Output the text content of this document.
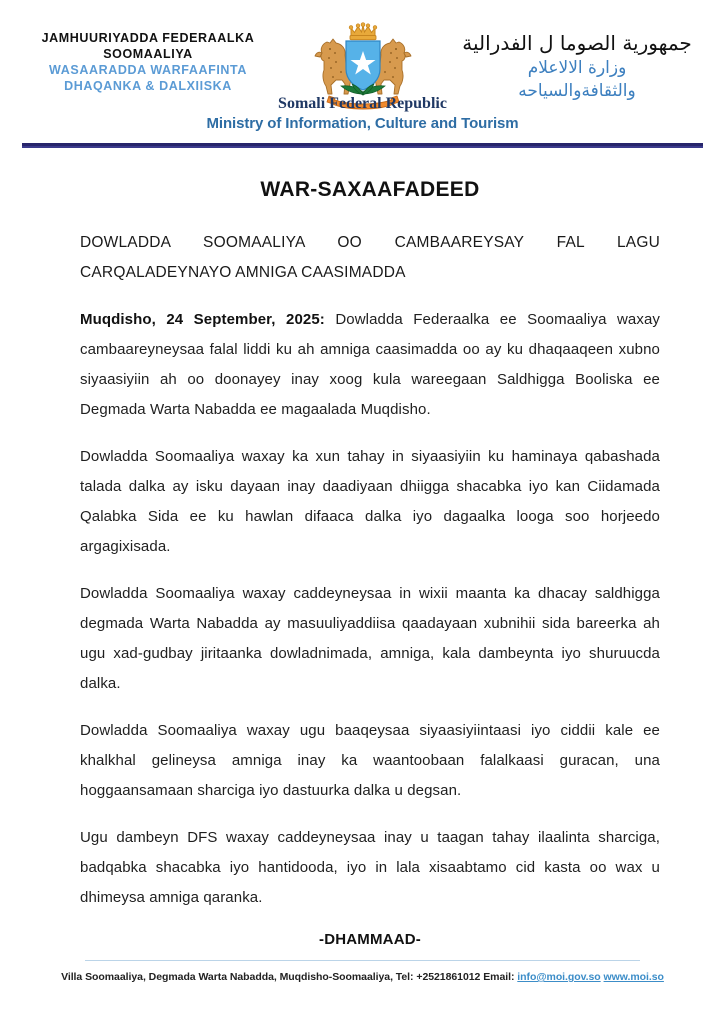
JAMHUURIYADDA FEDERAALKA

SOOMAALIYA

WASAARADDA WARFAAFINTA

DHAQANKA & DALXIISKA

جمهورية الصوما ل الفدرالية

وزارة الالاعلام

والثقافةوالسياحه

Somali Federal Republic

Ministry of Information, Culture and Tourism

WAR-SAXAAFADEED
DOWLADDA SOOMAALIYA OO CAMBAAREYSAY FAL LAGU
CARQALADEYNAYO AMNIGA CAASIMADDA

Muqdisho, 24 September, 2025: Dowladda Federaalka ee Soomaaliya waxay cambaareyneysaa falal liddi ku ah amniga caasimadda oo ay ku dhaqaaqeen xubno siyaasiyiin ah oo doonayey inay xoog kula wareegaan Saldhigga Booliska ee Degmada Warta Nabadda ee magaalada Muqdisho.

Dowladda Soomaaliya waxay ka xun tahay in siyaasiyiin ku haminaya qabashada talada dalka ay isku dayaan inay daadiyaan dhiigga shacabka iyo kan Ciidamada Qalabka Sida ee ku hawlan difaaca dalka iyo dagaalka looga soo horjeedo argagixisada.

Dowladda Soomaaliya waxay caddeyneysaa in wixii maanta ka dhacay saldhigga degmada Warta Nabadda ay masuuliyaddiisa qaadayaan xubnihii sida bareerka ah ugu xad-gudbay jiritaanka dowladnimada, amniga, kala dambeynta iyo shuruucda dalka.

Dowladda Soomaaliya waxay ugu baaqeysaa siyaasiyiintaasi iyo ciddii kale ee khalkhal gelineysa amniga inay ka waantoobaan falalkaasi guracan, una hoggaansamaan sharciga iyo dastuurka dalka u degsan.

Ugu dambeyn DFS waxay caddeyneysaa inay u taagan tahay ilaalinta sharciga, badqabka shacabka iyo hantidooda, iyo in lala xisaabtamo cid kasta oo wax u dhimeysa amniga qaranka.

-DHAMMAAD-

Villa Soomaaliya, Degmada Warta Nabadda, Muqdisho-Soomaaliya, Tel: +2521861012 Email: info@moi.gov.so www.moi.so
